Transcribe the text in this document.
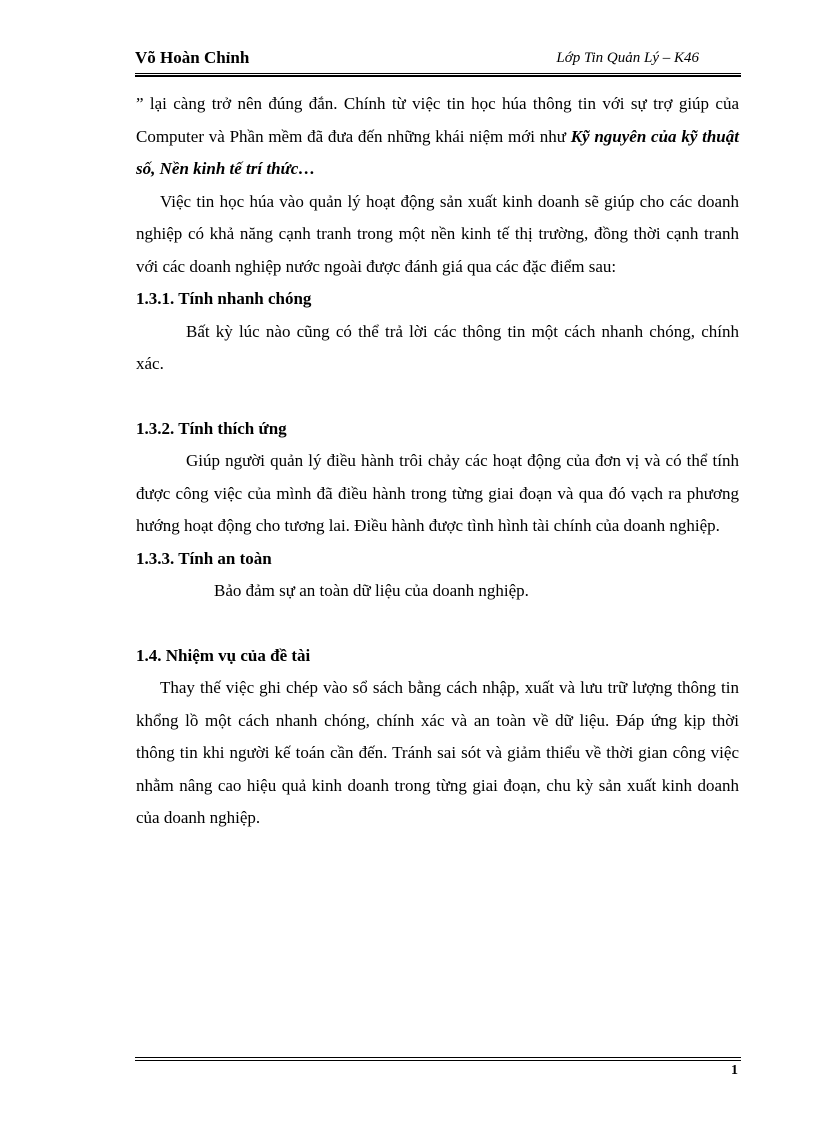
Võ Hoàn Chỉnh	Lớp Tin Quản Lý – K46

” lại càng trở nên đúng đắn. Chính từ việc tin học húa thông tin với sự trợ giúp của Computer và Phần mềm đã đưa đến những khái niệm mới như Kỹ nguyên của kỹ thuật số, Nền kinh tế trí thức…

Việc tin học húa vào quản lý hoạt động sản xuất kinh doanh sẽ giúp cho các doanh nghiệp có khả năng cạnh tranh trong một nền kinh tế thị trường, đồng thời cạnh tranh với các doanh nghiệp nước ngoài được đánh giá qua các đặc điểm sau:

1.3.1. Tính nhanh chóng

Bất kỳ lúc nào cũng có thể trả lời các thông tin một cách nhanh chóng, chính xác.

1.3.2. Tính thích ứng

Giúp người quản lý điều hành trôi chảy các hoạt động của đơn vị và có thể tính được công việc của mình đã điều hành trong từng giai đoạn và qua đó vạch ra phương hướng hoạt động cho tương lai. Điều hành được tình hình tài chính của doanh nghiệp.

1.3.3. Tính an toàn

Bảo đảm sự an toàn dữ liệu của doanh nghiệp.

1.4. Nhiệm vụ của đề tài

Thay thế việc ghi chép vào sổ sách bằng cách nhập, xuất và lưu trữ lượng thông tin khổng lồ một cách nhanh chóng, chính xác và an toàn về dữ liệu. Đáp ứng kịp thời thông tin khi người kế toán cần đến. Tránh sai sót và giảm thiểu về thời gian công việc nhằm nâng cao hiệu quả kinh doanh trong từng giai đoạn, chu kỳ sản xuất kinh doanh của doanh nghiệp.

1
